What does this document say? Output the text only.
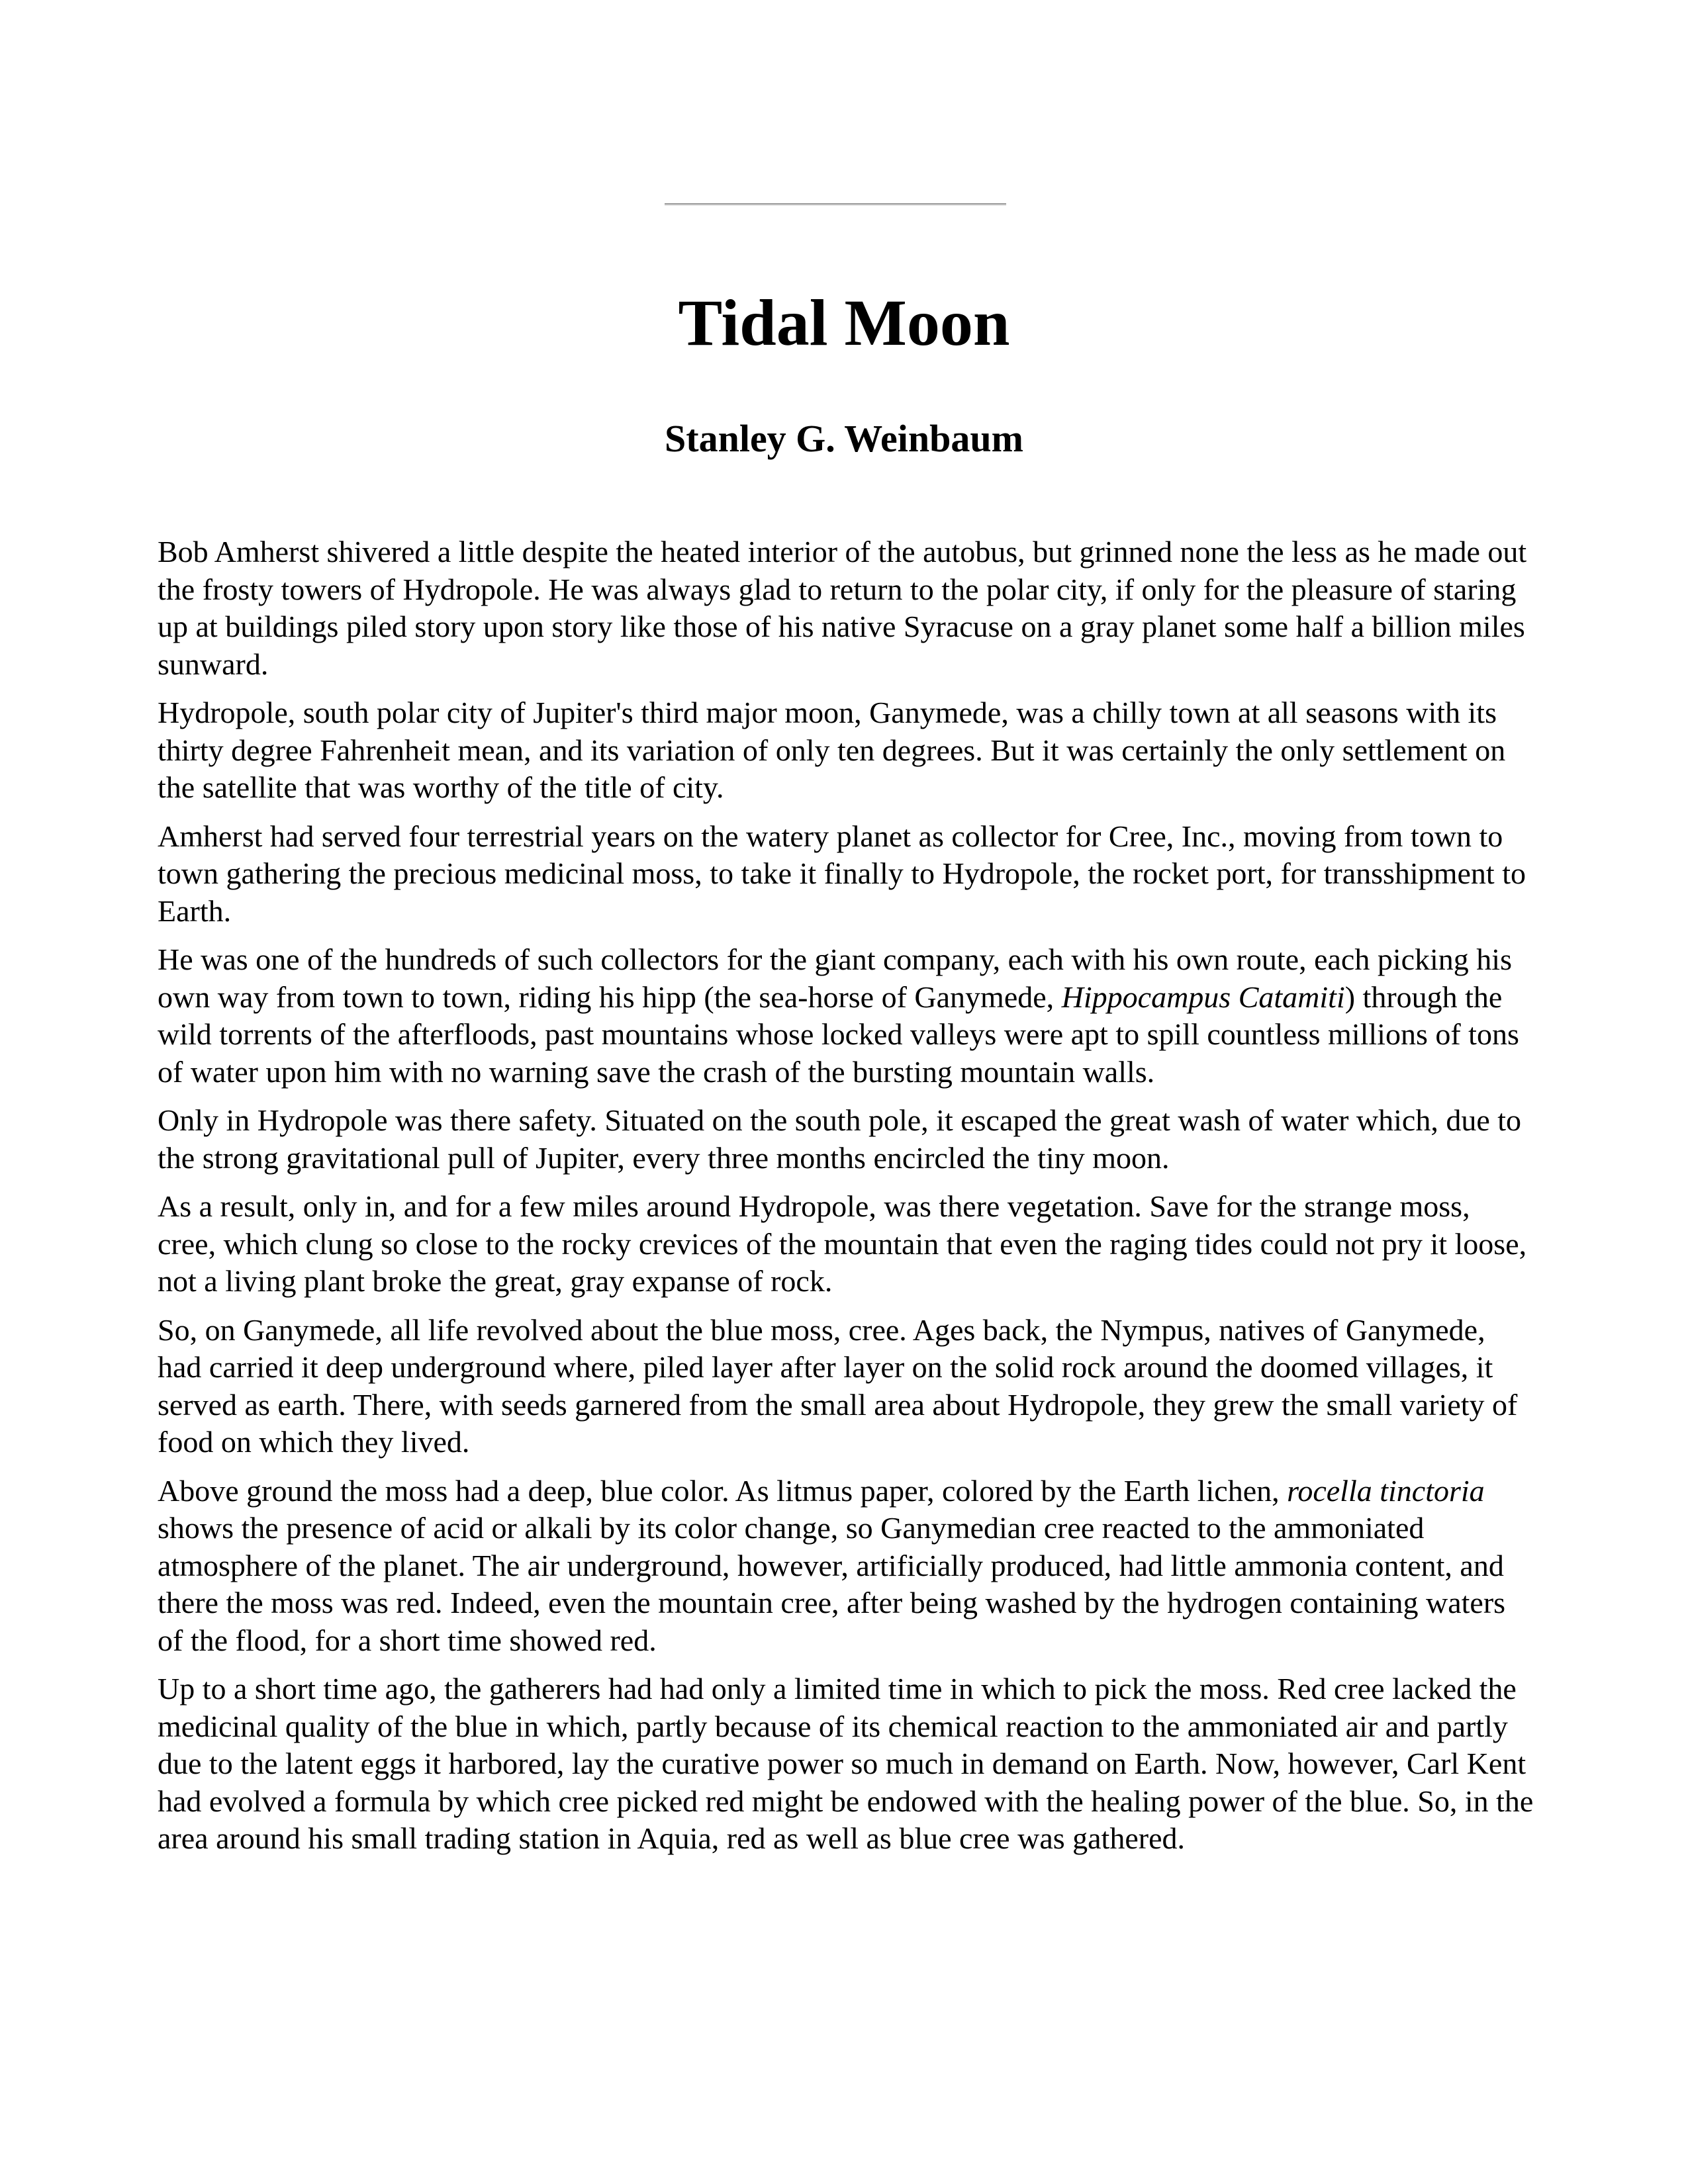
Tidal Moon
Stanley G. Weinbaum

Bob Amherst shivered a little despite the heated interior of the autobus, but grinned none the less as he made out the frosty towers of Hydropole. He was always glad to return to the polar city, if only for the pleasure of staring up at buildings piled story upon story like those of his native Syracuse on a gray planet some half a billion miles sunward.

Hydropole, south polar city of Jupiter's third major moon, Ganymede, was a chilly town at all seasons with its thirty degree Fahrenheit mean, and its variation of only ten degrees. But it was certainly the only settlement on the satellite that was worthy of the title of city.

Amherst had served four terrestrial years on the watery planet as collector for Cree, Inc., moving from town to town gathering the precious medicinal moss, to take it finally to Hydropole, the rocket port, for transshipment to Earth.

He was one of the hundreds of such collectors for the giant company, each with his own route, each picking his own way from town to town, riding his hipp (the sea-horse of Ganymede, Hippocampus Catamiti) through the wild torrents of the afterfloods, past mountains whose locked valleys were apt to spill countless millions of tons of water upon him with no warning save the crash of the bursting mountain walls.

Only in Hydropole was there safety. Situated on the south pole, it escaped the great wash of water which, due to the strong gravitational pull of Jupiter, every three months encircled the tiny moon.

As a result, only in, and for a few miles around Hydropole, was there vegetation. Save for the strange moss, cree, which clung so close to the rocky crevices of the mountain that even the raging tides could not pry it loose, not a living plant broke the great, gray expanse of rock.

So, on Ganymede, all life revolved about the blue moss, cree. Ages back, the Nympus, natives of Ganymede, had carried it deep underground where, piled layer after layer on the solid rock around the doomed villages, it served as earth. There, with seeds garnered from the small area about Hydropole, they grew the small variety of food on which they lived.

Above ground the moss had a deep, blue color. As litmus paper, colored by the Earth lichen, rocella tinctoria shows the presence of acid or alkali by its color change, so Ganymedian cree reacted to the ammoniated atmosphere of the planet. The air underground, however, artificially produced, had little ammonia content, and there the moss was red. Indeed, even the mountain cree, after being washed by the hydrogen containing waters of the flood, for a short time showed red.

Up to a short time ago, the gatherers had had only a limited time in which to pick the moss. Red cree lacked the medicinal quality of the blue in which, partly because of its chemical reaction to the ammoniated air and partly due to the latent eggs it harbored, lay the curative power so much in demand on Earth. Now, however, Carl Kent had evolved a formula by which cree picked red might be endowed with the healing power of the blue. So, in the area around his small trading station in Aquia, red as well as blue cree was gathered.
